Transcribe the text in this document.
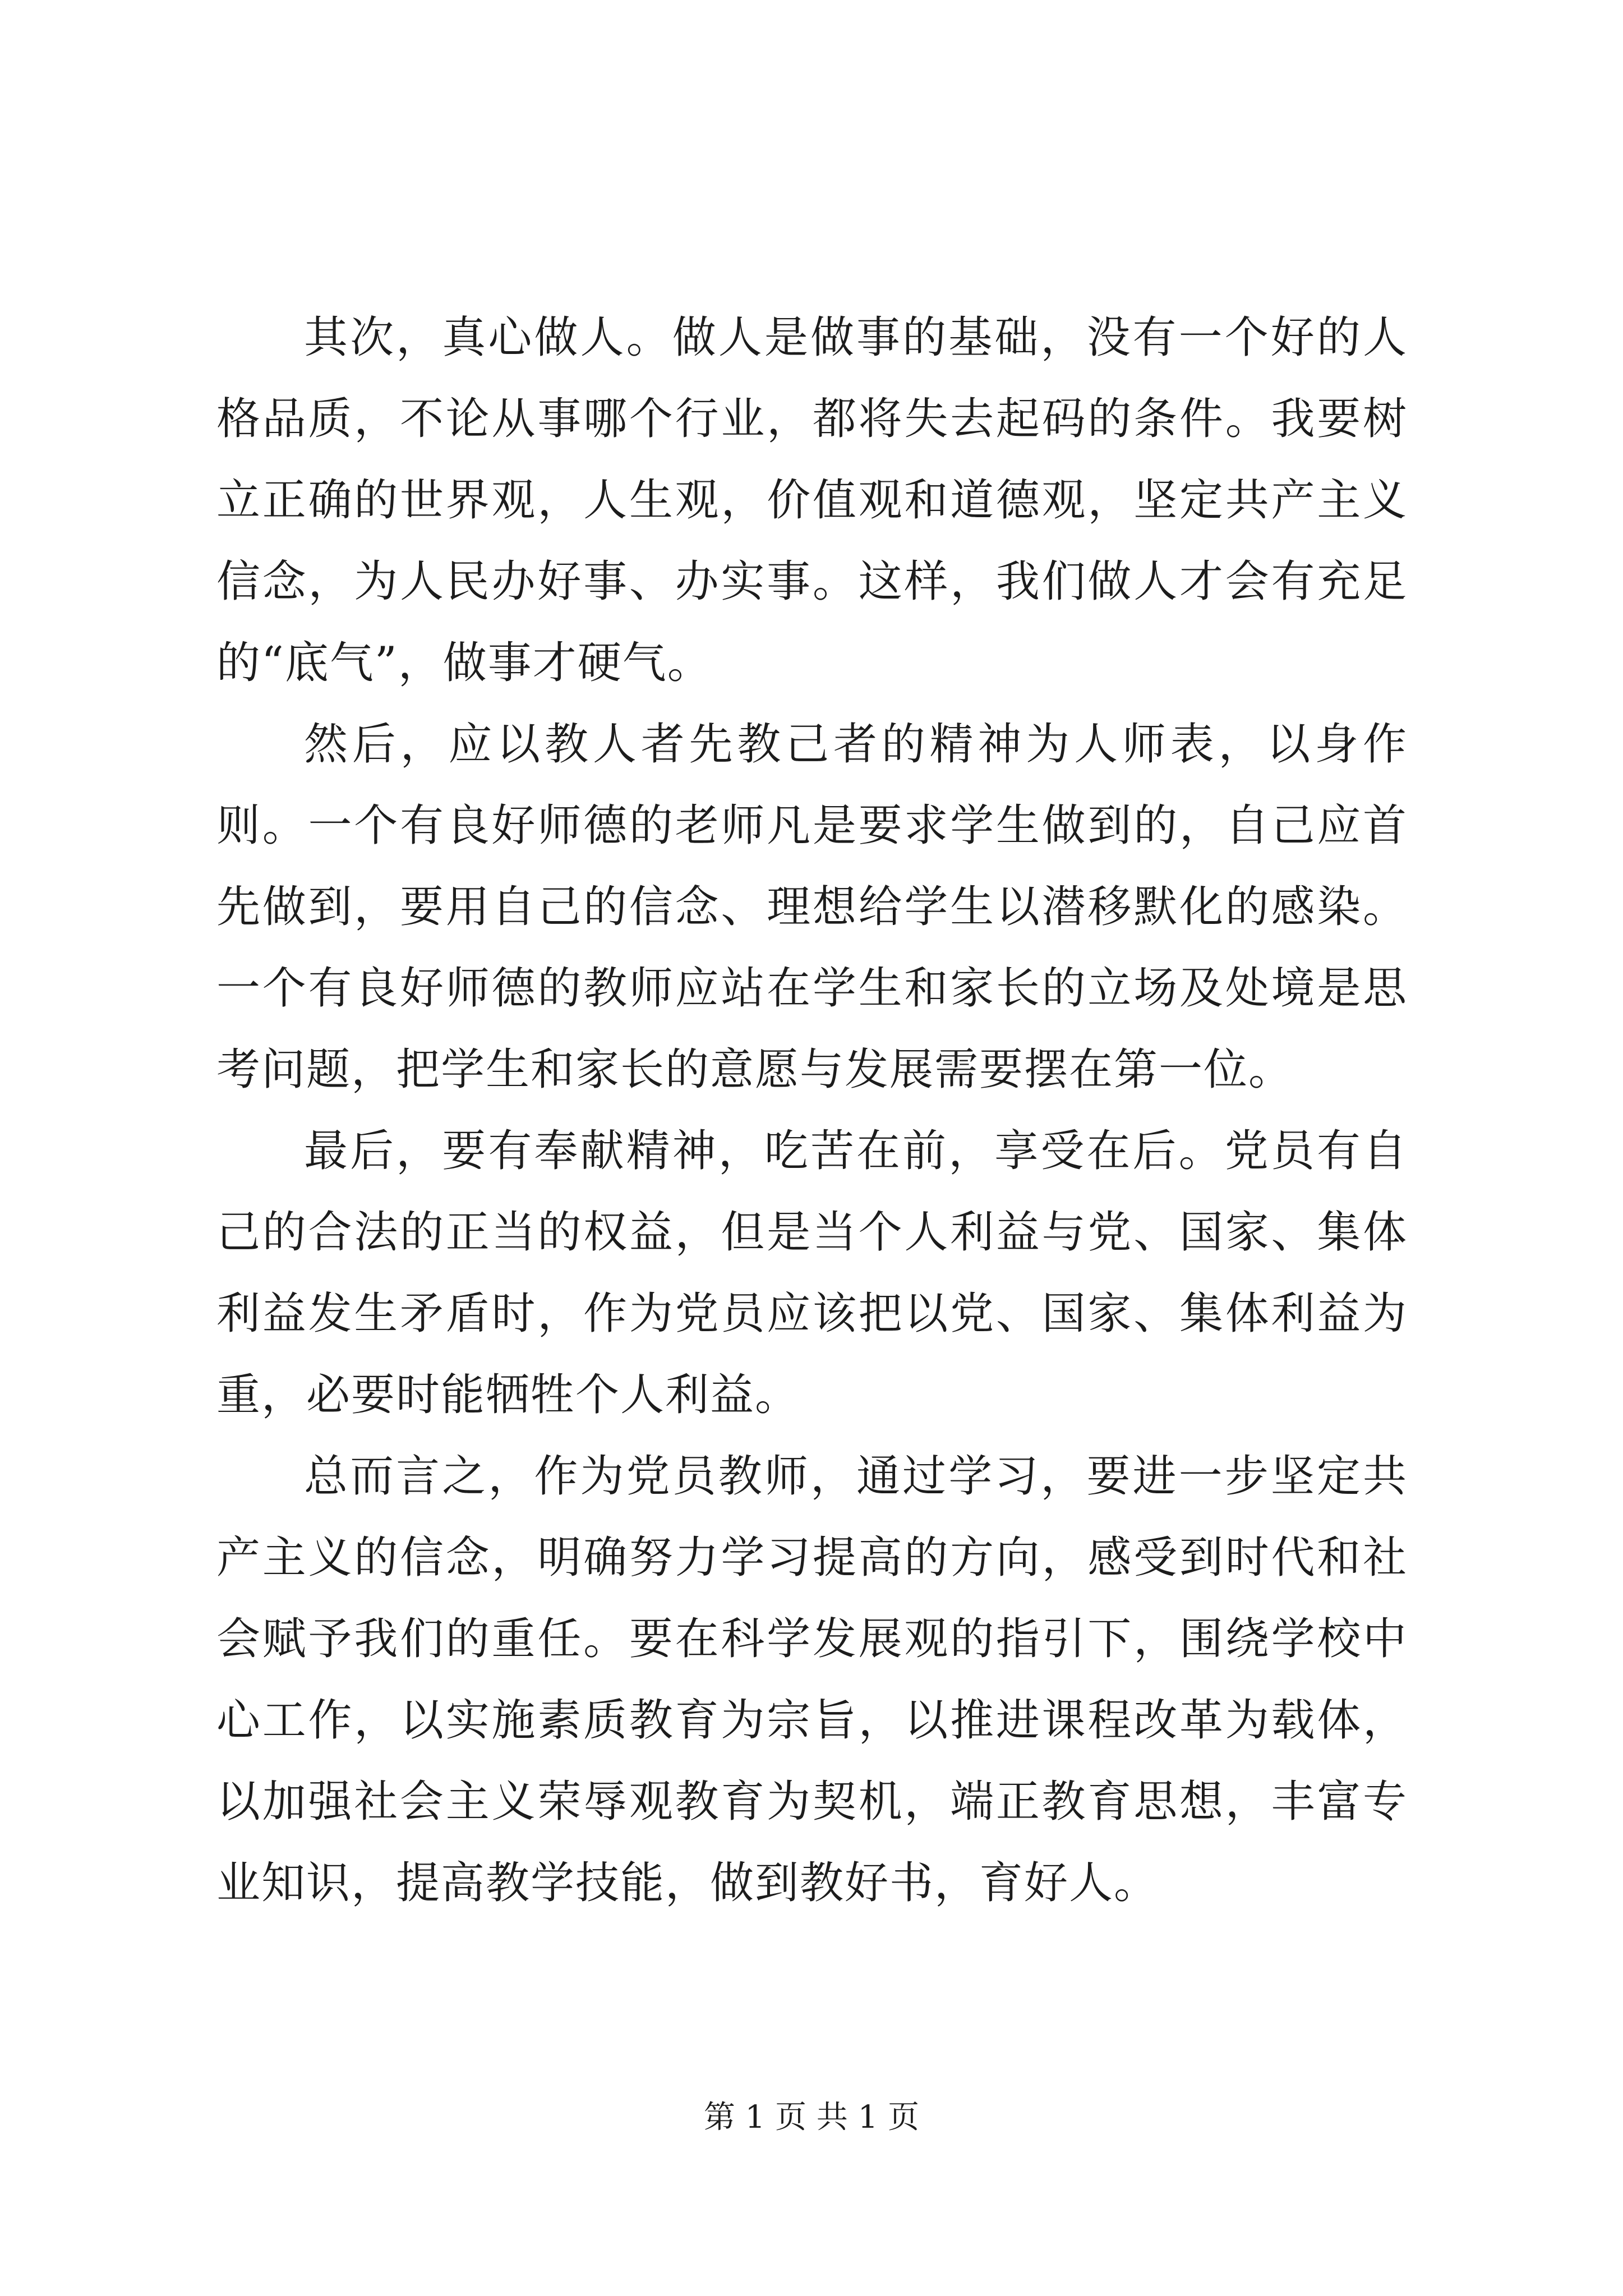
其次，真心做人。做人是做事的基础，没有一个好的人格品质，不论从事哪个行业，都将失去起码的条件。我要树立正确的世界观，人生观，价值观和道德观，坚定共产主义信念，为人民办好事、办实事。这样，我们做人才会有充足的“底气”，做事才硬气。

然后，应以教人者先教己者的精神为人师表，以身作则。一个有良好师德的老师凡是要求学生做到的，自己应首先做到，要用自己的信念、理想给学生以潜移默化的感染。一个有良好师德的教师应站在学生和家长的立场及处境是思考问题，把学生和家长的意愿与发展需要摆在第一位。

最后，要有奉献精神，吃苦在前，享受在后。党员有自己的合法的正当的权益，但是当个人利益与党、国家、集体利益发生矛盾时，作为党员应该把以党、国家、集体利益为重，必要时能牺牲个人利益。

总而言之，作为党员教师，通过学习，要进一步坚定共产主义的信念，明确努力学习提高的方向，感受到时代和社会赋予我们的重任。要在科学发展观的指引下，围绕学校中心工作，以实施素质教育为宗旨，以推进课程改革为载体，以加强社会主义荣辱观教育为契机，端正教育思想，丰富专业知识，提高教学技能，做到教好书，育好人。

第 1 页 共 1 页
